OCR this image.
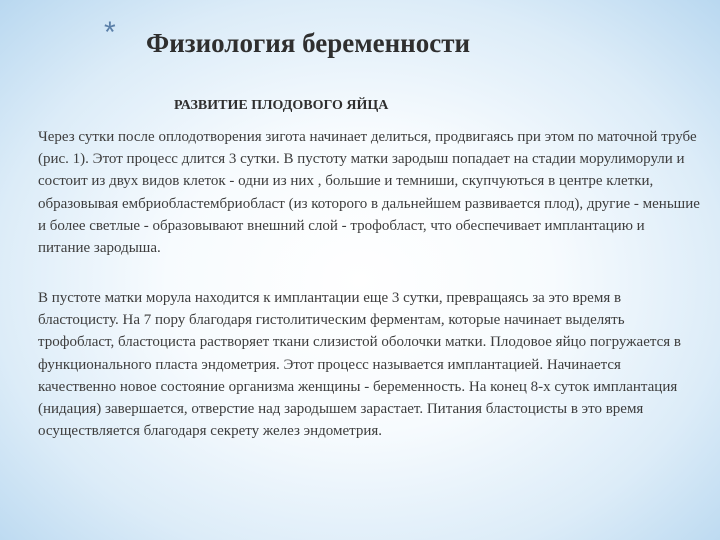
* Физиология беременности
РАЗВИТИЕ ПЛОДОВОГО ЯЙЦА

Через сутки после оплодотворения зигота начинает делиться, продвигаясь при этом по маточной трубе (рис. 1). Этот процесс длится 3 сутки. В пустоту матки зародыш попадает на стадии морулиморули и состоит из двух видов клеток - одни из них , большие и темниши, скупчуються в центре клетки, образовывая ембриобластембриобласт (из которого в дальнейшем развивается плод), другие - меньшие и более светлые - образовывают внешний слой - трофобласт, что обеспечивает имплантацию и питание зародыша.

В пустоте матки морула находится к имплантации еще 3 сутки, превращаясь за это время в бластоцисту. На 7 пору благодаря гистолитическим ферментам, которые начинает выделять трофобласт, бластоциста растворяет ткани слизистой оболочки матки. Плодовое яйцо погружается в функционального пласта эндометрия. Этот процесс называется имплантацией. Начинается качественно новое состояние организма женщины - беременность. На конец 8-х суток имплантация (нидация) завершается, отверстие над зародышем зарастает. Питания бластоцисты в это время осуществляется благодаря секрету желез эндометрия.
